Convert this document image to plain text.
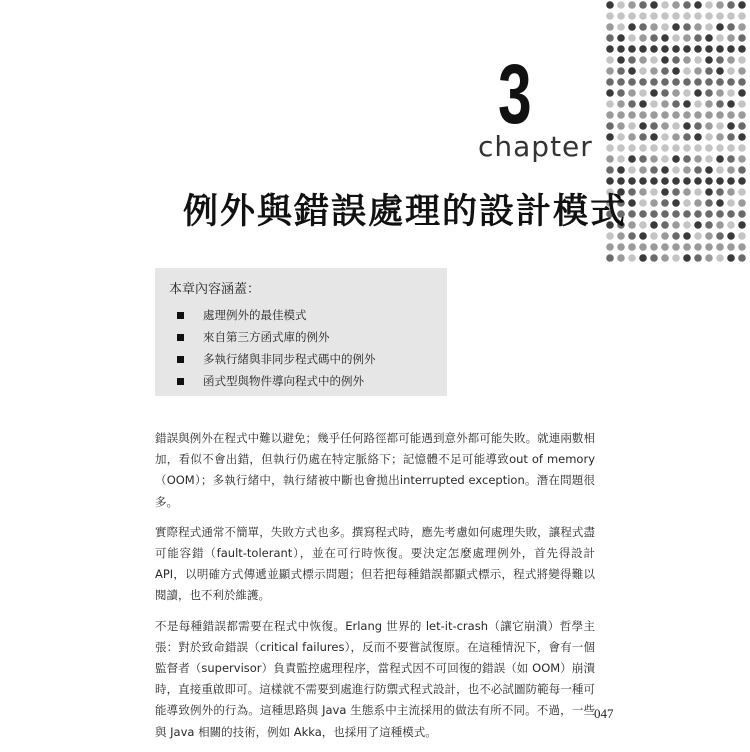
3
chapter
例外與錯誤處理的設計模式
本章內容涵蓋：
處理例外的最佳模式
來自第三方函式庫的例外
多執行緒與非同步程式碼中的例外
函式型與物件導向程式中的例外

錯誤與例外在程式中難以避免；幾乎任何路徑都可能遇到意外都可能失敗。就連兩數相加，看似不會出錯，但執行仍處在特定脈絡下；記憶體不足可能導致out of memory（OOM）；多執行緒中，執行緒被中斷也會拋出interrupted exception。潛在問題很多。

實際程式通常不簡單，失敗方式也多。撰寫程式時，應先考慮如何處理失敗，讓程式盡可能容錯（fault-tolerant），並在可行時恢復。要決定怎麼處理例外，首先得設計API，以明確方式傳遞並顯式標示問題；但若把每種錯誤都顯式標示，程式將變得難以閱讀，也不利於維護。

不是每種錯誤都需要在程式中恢復。Erlang 世界的 let-it-crash（讓它崩潰）哲學主張：對於致命錯誤（critical failures），反而不要嘗試復原。在這種情況下，會有一個監督者（supervisor）負責監控處理程序，當程式因不可回復的錯誤（如 OOM）崩潰時，直接重啟即可。這樣就不需要到處進行防禦式程式設計，也不必試圖防範每一種可能導致例外的行為。這種思路與 Java 生態系中主流採用的做法有所不同。不過，一些與 Java 相關的技術，例如 Akka，也採用了這種模式。

047
